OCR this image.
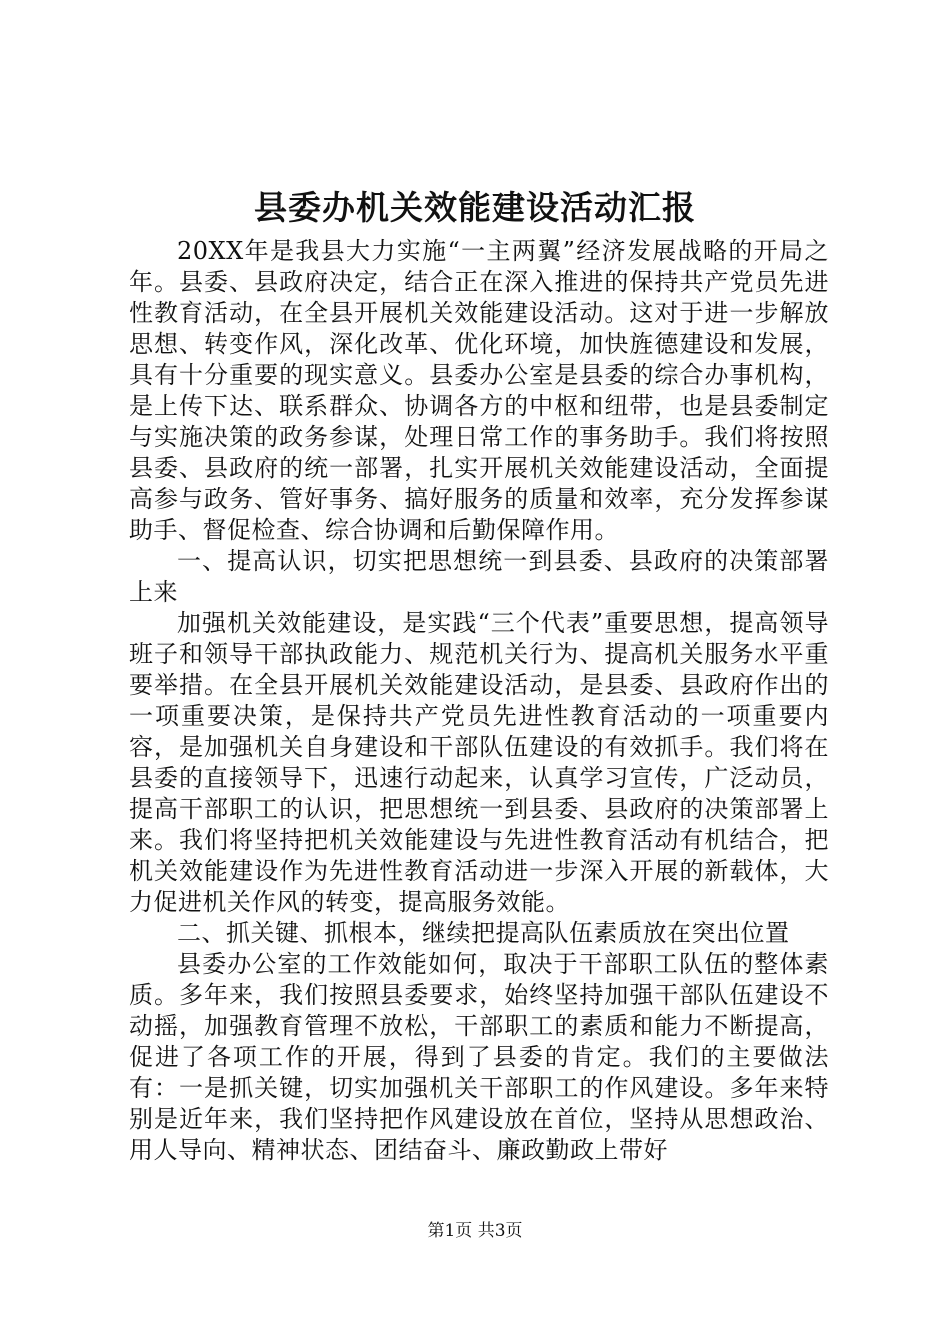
县委办机关效能建设活动汇报

20XX年是我县大力实施“一主两翼”经济发展战略的开局之年。县委、县政府决定，结合正在深入推进的保持共产党员先进性教育活动，在全县开展机关效能建设活动。这对于进一步解放思想、转变作风，深化改革、优化环境，加快旌德建设和发展，具有十分重要的现实意义。县委办公室是县委的综合办事机构，是上传下达、联系群众、协调各方的中枢和纽带，也是县委制定与实施决策的政务参谋，处理日常工作的事务助手。我们将按照县委、县政府的统一部署，扎实开展机关效能建设活动，全面提高参与政务、管好事务、搞好服务的质量和效率，充分发挥参谋助手、督促检查、综合协调和后勤保障作用。

一、提高认识，切实把思想统一到县委、县政府的决策部署上来

加强机关效能建设，是实践“三个代表”重要思想，提高领导班子和领导干部执政能力、规范机关行为、提高机关服务水平重要举措。在全县开展机关效能建设活动，是县委、县政府作出的一项重要决策，是保持共产党员先进性教育活动的一项重要内容，是加强机关自身建设和干部队伍建设的有效抓手。我们将在县委的直接领导下，迅速行动起来，认真学习宣传，广泛动员，提高干部职工的认识，把思想统一到县委、县政府的决策部署上来。我们将坚持把机关效能建设与先进性教育活动有机结合，把机关效能建设作为先进性教育活动进一步深入开展的新载体，大力促进机关作风的转变，提高服务效能。

二、抓关键、抓根本，继续把提高队伍素质放在突出位置

县委办公室的工作效能如何，取决于干部职工队伍的整体素质。多年来，我们按照县委要求，始终坚持加强干部队伍建设不动摇，加强教育管理不放松，干部职工的素质和能力不断提高，促进了各项工作的开展，得到了县委的肯定。我们的主要做法有：一是抓关键，切实加强机关干部职工的作风建设。多年来特别是近年来，我们坚持把作风建设放在首位，坚持从思想政治、用人导向、精神状态、团结奋斗、廉政勤政上带好

第1页 共3页
